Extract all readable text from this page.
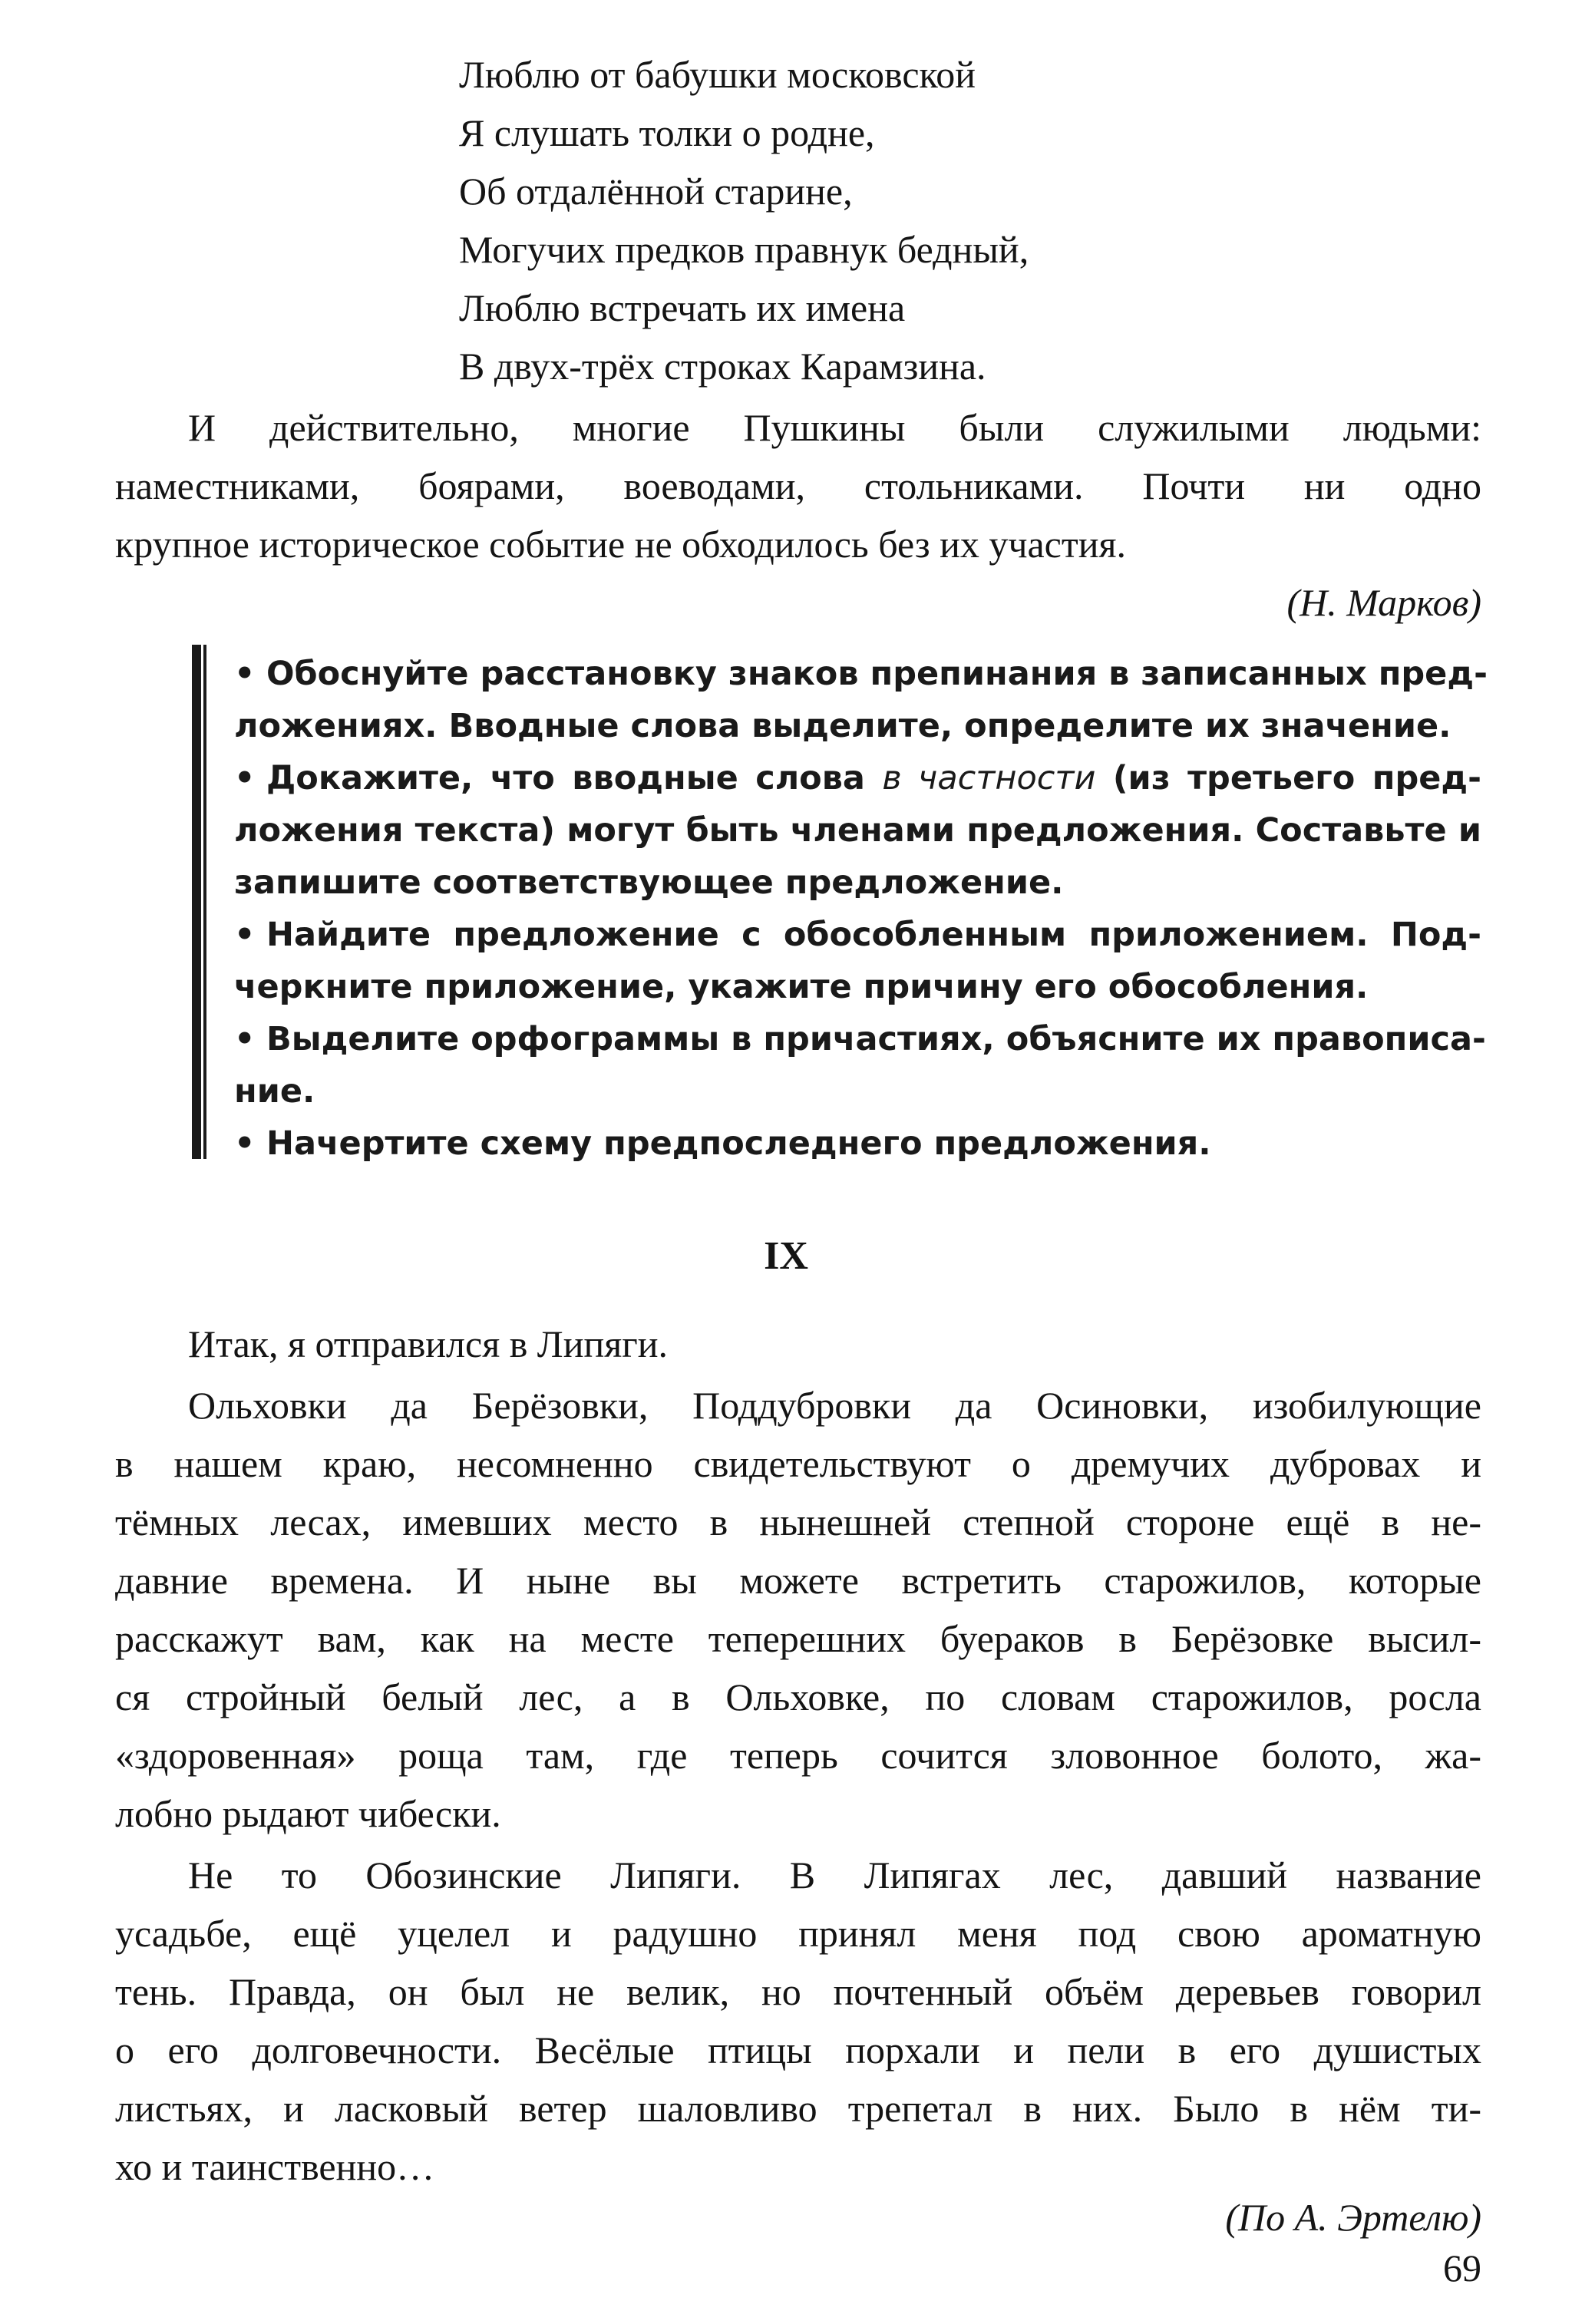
Люблю от бабушки московской
Я слушать толки о родне,
Об отдалённой старине,
Могучих предков правнук бедный,
Люблю встречать их имена
В двух-трёх строках Карамзина.
И действительно, многие Пушкины были служилыми людьми:
наместниками, боярами, воеводами, стольниками. Почти ни одно
крупное историческое событие не обходилось без их участия.
(Н. Марков)
• Обоснуйте расстановку знаков препинания в записанных пред-
ложениях. Вводные слова выделите, определите их значение.
• Докажите, что вводные слова в частности (из третьего пред-
ложения текста) могут быть членами предложения. Составьте и
запишите соответствующее предложение.
• Найдите предложение с обособленным приложением. Под-
черкните приложение, укажите причину его обособления.
• Выделите орфограммы в причастиях, объясните их правописа-
ние.
• Начертите схему предпоследнего предложения.
IX
Итак, я отправился в Липяги.
Ольховки да Берёзовки, Поддубровки да Осиновки, изобилующие
в нашем краю, несомненно свидетельствуют о дремучих дубровах и
тёмных лесах, имевших место в нынешней степной стороне ещё в не-
давние времена. И ныне вы можете встретить старожилов, которые
расскажут вам, как на месте теперешних буераков в Берёзовке высил-
ся стройный белый лес, а в Ольховке, по словам старожилов, росла
«здоровенная» роща там, где теперь сочится зловонное болото, жа-
лобно рыдают чибески.
Не то Обозинские Липяги. В Липягах лес, давший название
усадьбе, ещё уцелел и радушно принял меня под свою ароматную
тень. Правда, он был не велик, но почтенный объём деревьев говорил
о его долговечности. Весёлые птицы порхали и пели в его душистых
листьях, и ласковый ветер шаловливо трепетал в них. Было в нём ти-
хо и таинственно…
(По А. Эртелю)
69
